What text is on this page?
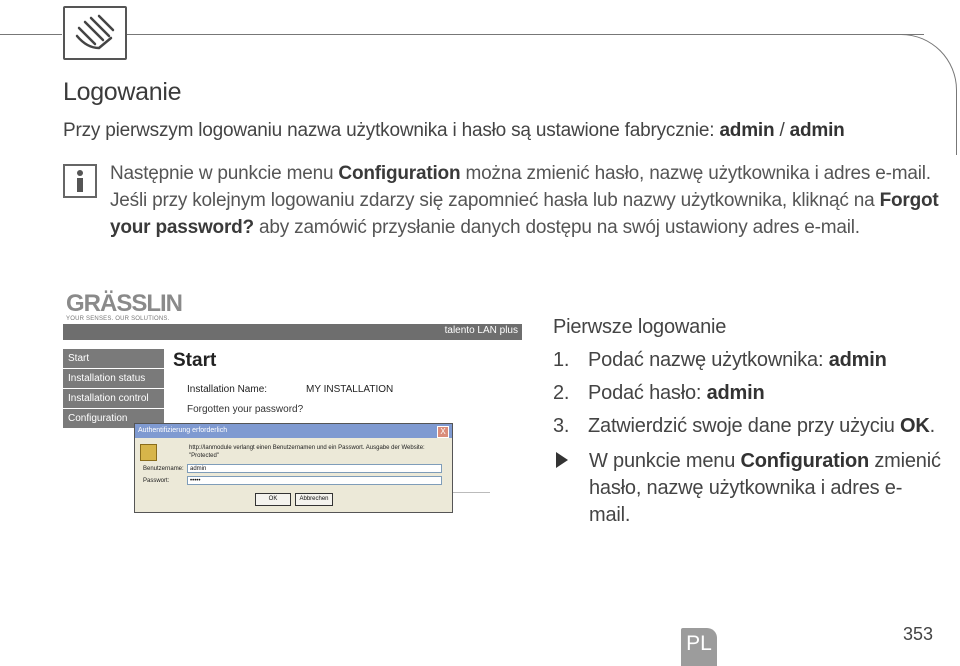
Logowanie
Przy pierwszym logowaniu nazwa użytkownika i hasło są ustawione fabrycznie: admin / admin
Następnie w punkcie menu Configuration można zmienić hasło, nazwę użytkownika i adres e-mail. Jeśli przy kolejnym logowaniu zdarzy się zapomnieć hasła lub nazwy użytkownika, kliknąć na Forgot your password? aby zamówić przysłanie danych dostępu na swój ustawiony adres e-mail.
GRÄSSLIN
YOUR SENSES. OUR SOLUTIONS.
talento LAN plus
Start
Installation status
Installation control
Configuration
Start
Installation Name:	MY INSTALLATION
Forgotten your password?
Authentifizierung erforderlich	X
http://lanmodule verlangt einen Benutzernamen und ein Passwort. Ausgabe der Website: "Protected"
Benutzername:	admin
Passwort:	•••••
OK	Abbrechen
Pierwsze logowanie
1. Podać nazwę użytkownika: admin
2. Podać hasło: admin
3. Zatwierdzić swoje dane przy użyciu OK.
W punkcie menu Configuration zmienić hasło, nazwę użytkownika i adres e-mail.
PL	353
